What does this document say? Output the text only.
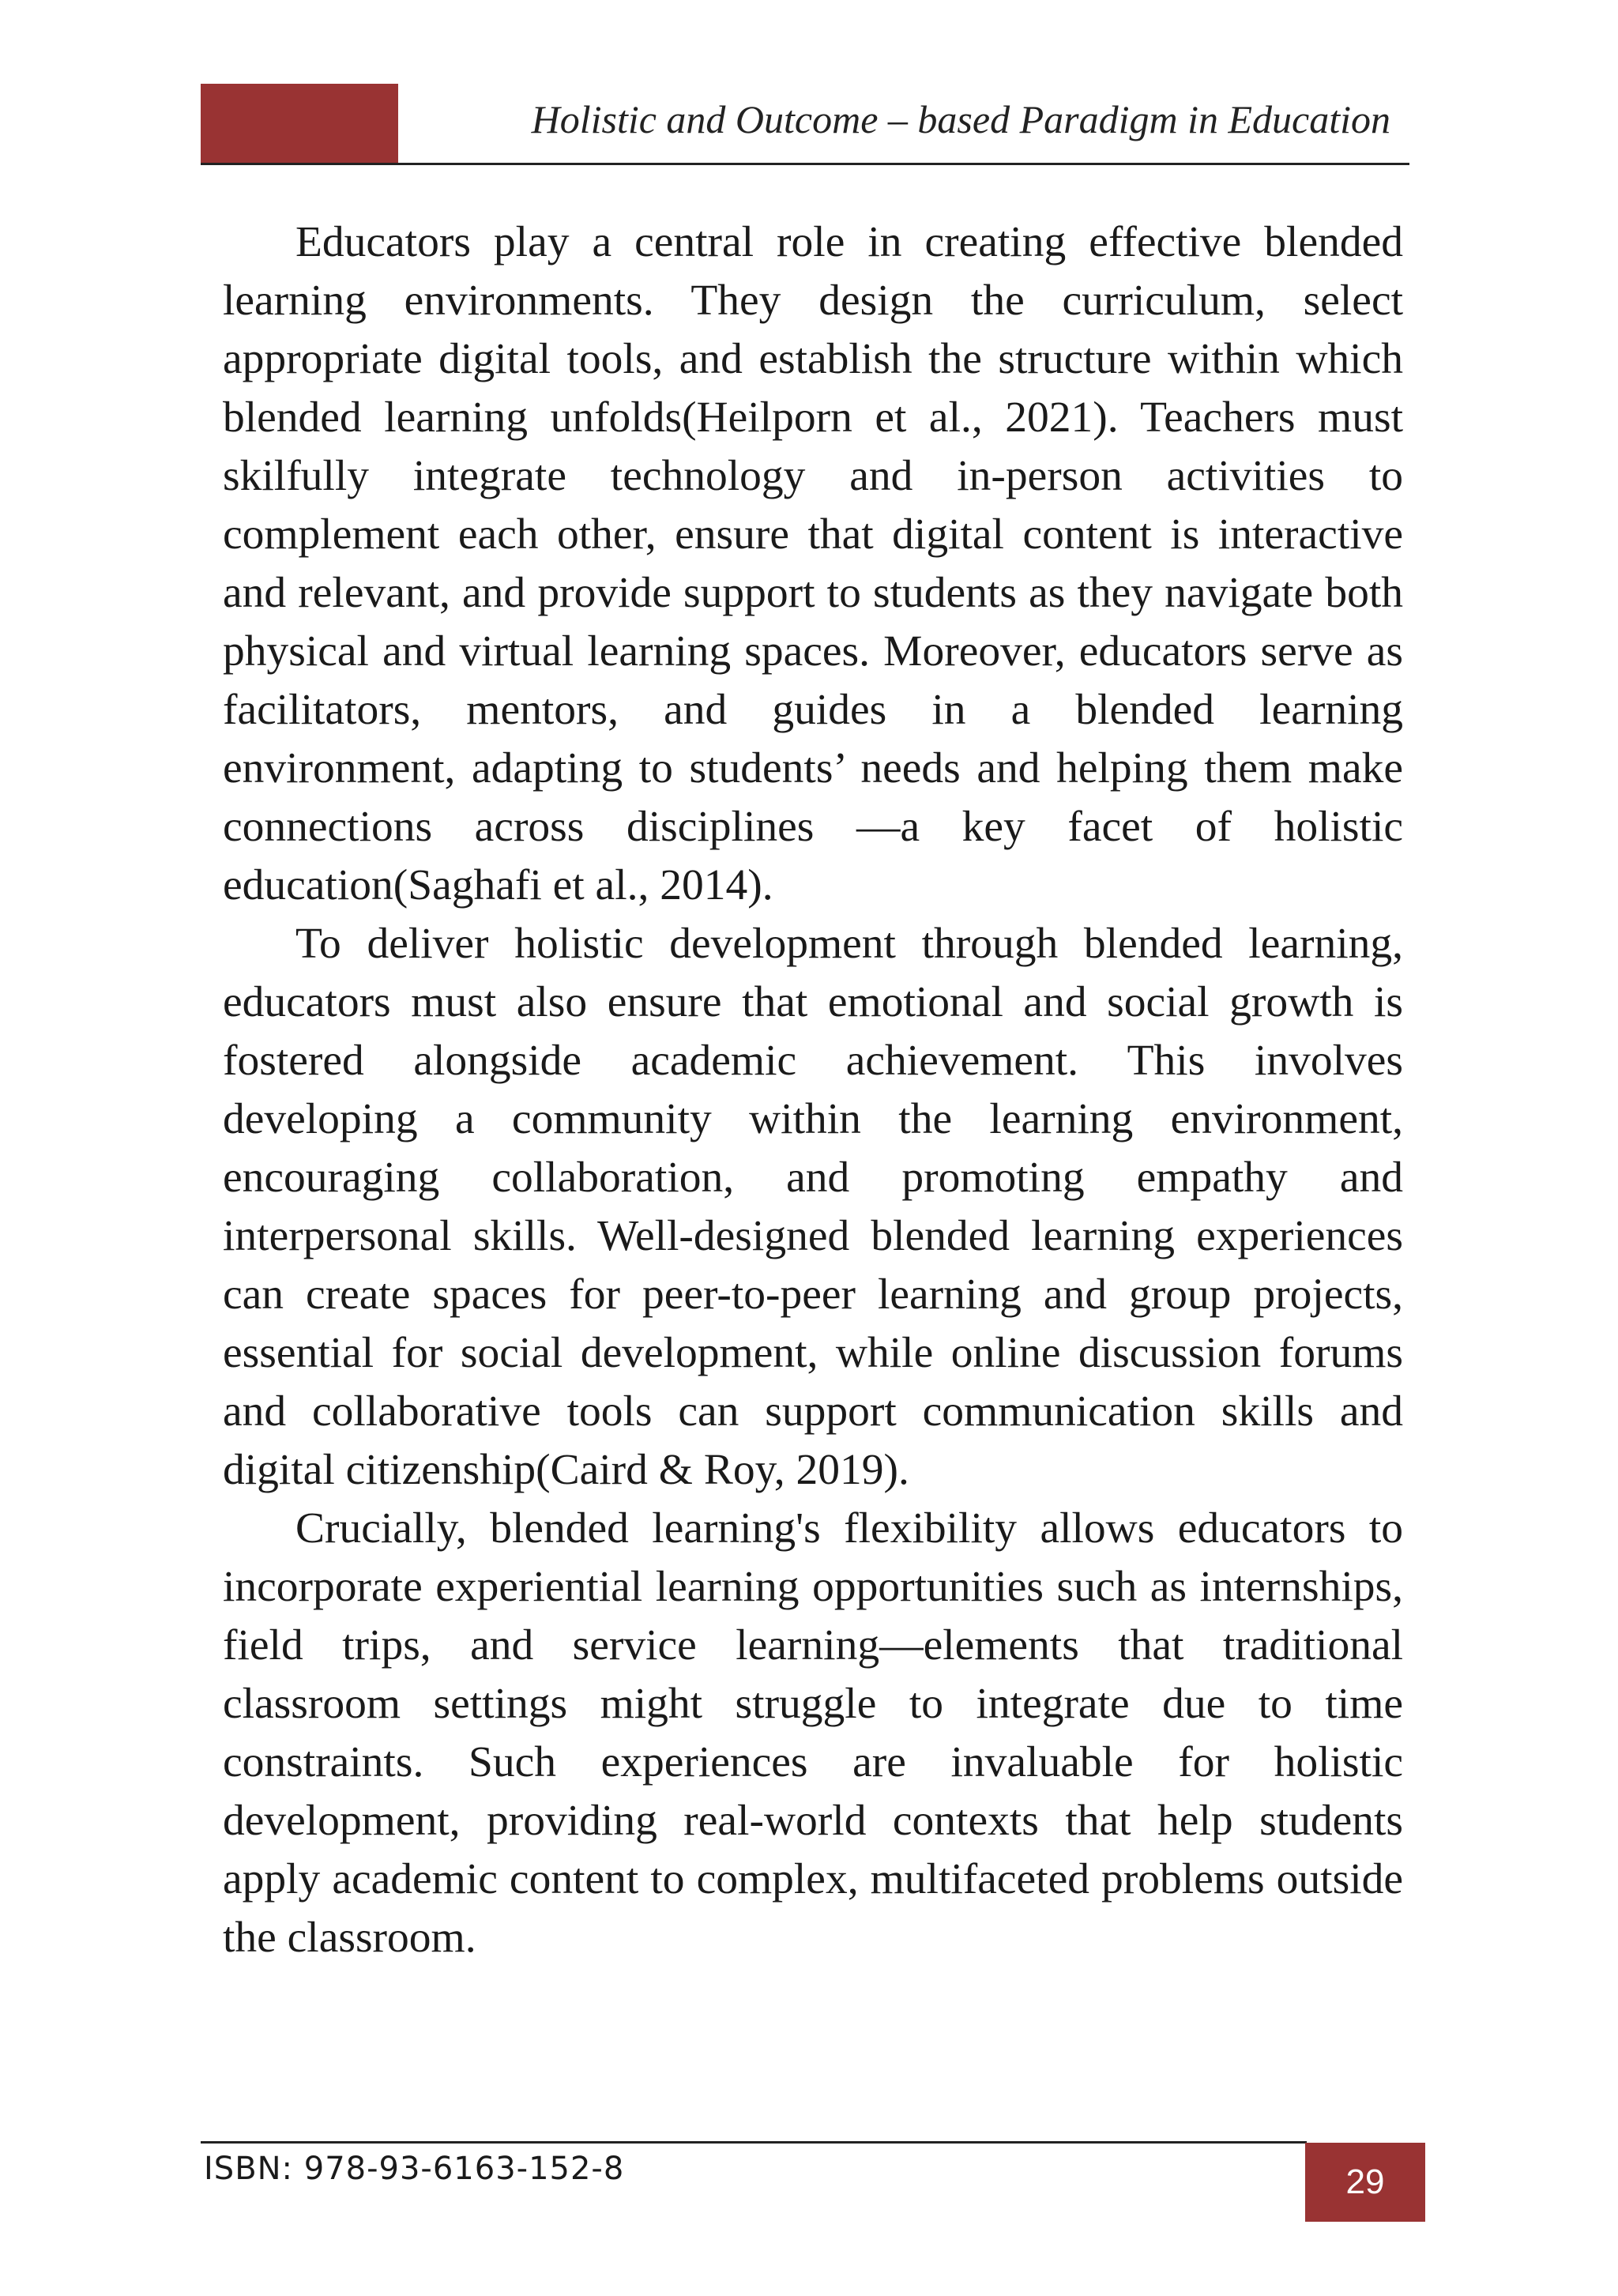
Holistic and Outcome – based Paradigm in Education

Educators play a central role in creating effective blended learning environments. They design the curriculum, select appropriate digital tools, and establish the structure within which blended learning unfolds(Heilporn et al., 2021). Teachers must skilfully integrate technology and in-person activities to complement each other, ensure that digital content is interactive and relevant, and provide support to students as they navigate both physical and virtual learning spaces. Moreover, educators serve as facilitators, mentors, and guides in a blended learning environment, adapting to students’ needs and helping them make connections across disciplines —a key facet of holistic education(Saghafi et al., 2014).

To deliver holistic development through blended learning, educators must also ensure that emotional and social growth is fostered alongside academic achievement. This involves developing a community within the learning environment, encouraging collaboration, and promoting empathy and interpersonal skills. Well-designed blended learning experiences can create spaces for peer-to-peer learning and group projects, essential for social development, while online discussion forums and collaborative tools can support communication skills and digital citizenship(Caird & Roy, 2019).

Crucially, blended learning's flexibility allows educators to incorporate experiential learning opportunities such as internships, field trips, and service learning—elements that traditional classroom settings might struggle to integrate due to time constraints. Such experiences are invaluable for holistic development, providing real-world contexts that help students apply academic content to complex, multifaceted problems outside the classroom.

ISBN: 978-93-6163-152-8	29
